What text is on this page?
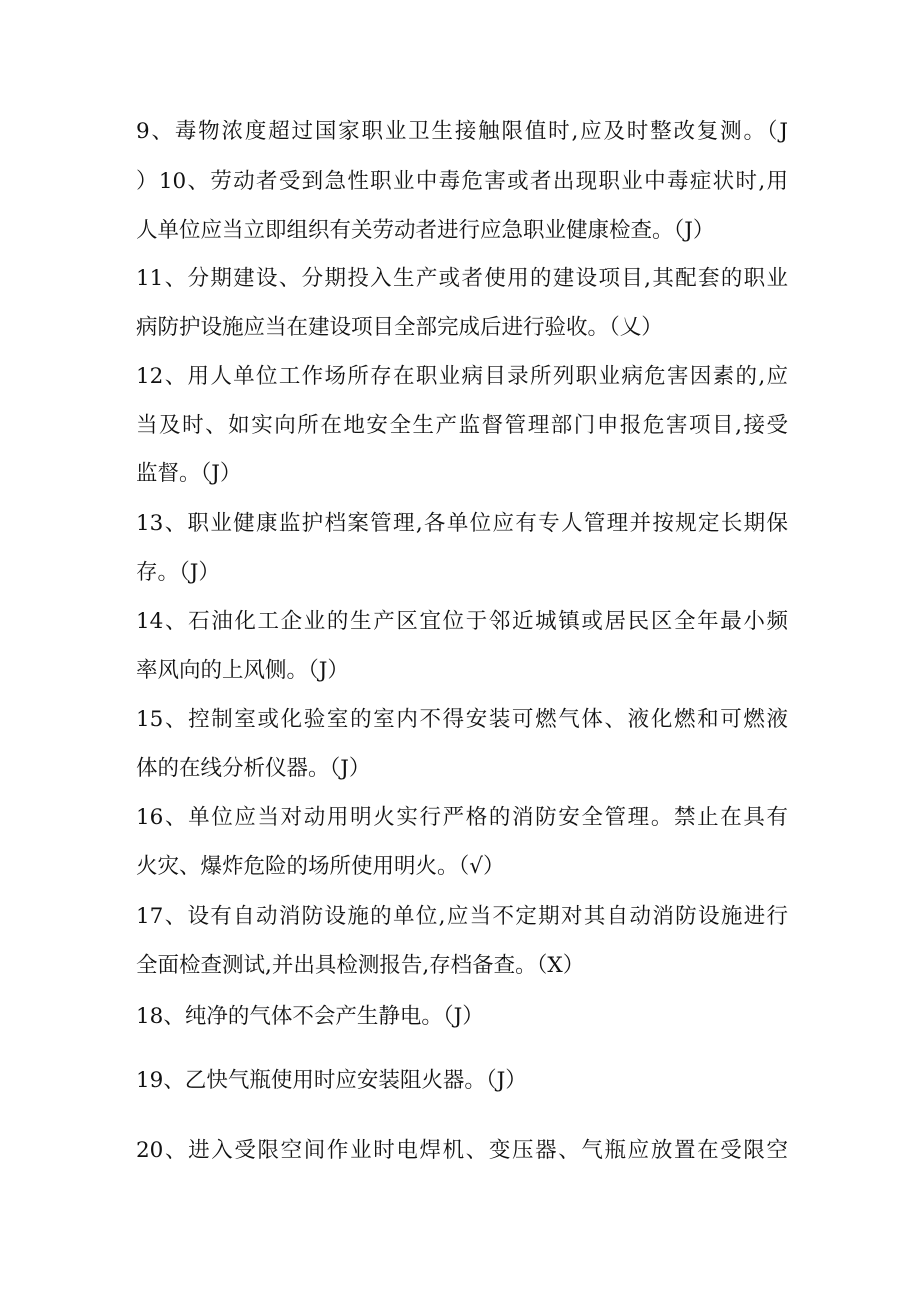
9、毒物浓度超过国家职业卫生接触限值时,应及时整改复测。（J
）10、劳动者受到急性职业中毒危害或者出现职业中毒症状时,用
人单位应当立即组织有关劳动者进行应急职业健康检查。（J）
11、分期建设、分期投入生产或者使用的建设项目,其配套的职业
病防护设施应当在建设项目全部完成后进行验收。（乂）
12、用人单位工作场所存在职业病目录所列职业病危害因素的,应
当及时、如实向所在地安全生产监督管理部门申报危害项目,接受
监督。（J）
13、职业健康监护档案管理,各单位应有专人管理并按规定长期保
存。（J）
14、石油化工企业的生产区宜位于邻近城镇或居民区全年最小频
率风向的上风侧。（J）
15、控制室或化验室的室内不得安装可燃气体、液化燃和可燃液
体的在线分析仪器。（J）
16、单位应当对动用明火实行严格的消防安全管理。禁止在具有
火灾、爆炸危险的场所使用明火。（√）
17、设有自动消防设施的单位,应当不定期对其自动消防设施进行
全面检查测试,并出具检测报告,存档备查。（X）
18、纯净的气体不会产生静电。（J）
19、乙快气瓶使用时应安装阻火器。（J）
20、进入受限空间作业时电焊机、变压器、气瓶应放置在受限空
